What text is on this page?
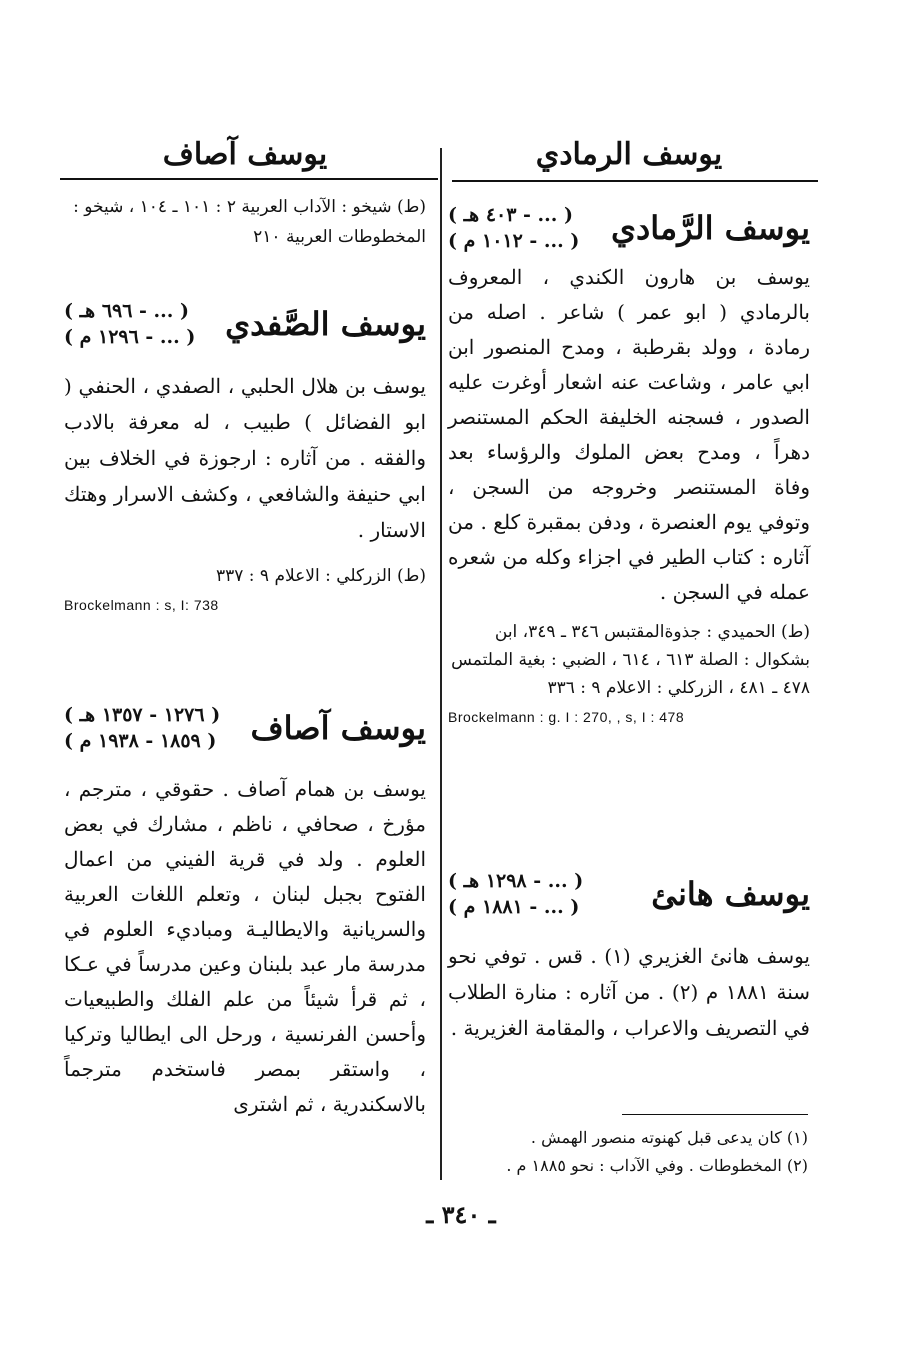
يوسف الرمادي
يوسف الرَّمادي
( ... - ٤٠٣ هـ )
( ... - ١٠١٢ م )
يوسف بن هارون الكندي ، المعروف بالرمادي ( ابو عمر ) شاعر . اصله من رمادة ، وولد بقرطبة ، ومدح المنصور ابن ابي عامر ، وشاعت عنه اشعار أوغرت عليه الصدور ، فسجنه الخليفة الحكم المستنصر دهراً ، ومدح بعض الملوك والرؤساء بعد وفاة المستنصر وخروجه من السجن ، وتوفي يوم العنصرة ، ودفن بمقبرة كلع . من آثاره : كتاب الطير في اجزاء وكله من شعره عمله في السجن .
(ط) الحميدي : جذوةالمقتبس ٣٤٦ ـ ٣٤٩، ابن بشكوال : الصلة ٦١٣ ، ٦١٤ ، الضبي : بغية الملتمس ٤٧٨ ـ ٤٨١ ، الزركلي : الاعلام ٩ : ٣٣٦
Brockelmann : g. I : 270, , s, I : 478
يوسف هانئ
( ... - ١٢٩٨ هـ )
( ... - ١٨٨١ م )
يوسف هانئ الغزيري (١) . قس . توفي نحو سنة ١٨٨١ م (٢) . من آثاره : منارة الطلاب في التصريف والاعراب ، والمقامة الغزيرية .
(١) كان يدعى قبل كهنوته منصور الهمش .
(٢) المخطوطات . وفي الآداب : نحو ١٨٨٥ م .
يوسف آصاف
(ط) شيخو : الآداب العربية ٢ : ١٠١ ـ ١٠٤ ، شيخو : المخطوطات العربية ٢١٠
يوسف الصَّفدي
( ... - ٦٩٦ هـ )
( ... - ١٢٩٦ م )
يوسف بن هلال الحلبي ، الصفدي ، الحنفي ( ابو الفضائل ) طبيب ، له معرفة بالادب والفقه . من آثاره : ارجوزة في الخلاف بين ابي حنيفة والشافعي ، وكشف الاسرار وهتك الاستار .
(ط) الزركلي : الاعلام ٩ : ٣٣٧
Brockelmann : s, I: 738
يوسف آصاف
( ١٢٧٦ - ١٣٥٧ هـ )
( ١٨٥٩ - ١٩٣٨ م )
يوسف بن همام آصاف . حقوقي ، مترجم ، مؤرخ ، صحافي ، ناظم ، مشارك في بعض العلوم . ولد في قرية الفيني من اعمال الفتوح بجبل لبنان ، وتعلم اللغات العربية والسريانية والايطاليـة ومباديء العلوم في مدرسة مار عبد بلبنان وعين مدرساً في عـكا ، ثم قرأ شيئاً من علم الفلك والطبيعيات وأحسن الفرنسية ، ورحل الى ايطاليا وتركيا ، واستقر بمصر فاستخدم مترجماً بالاسكندرية ، ثم اشترى
ـ ٣٤٠ ـ
